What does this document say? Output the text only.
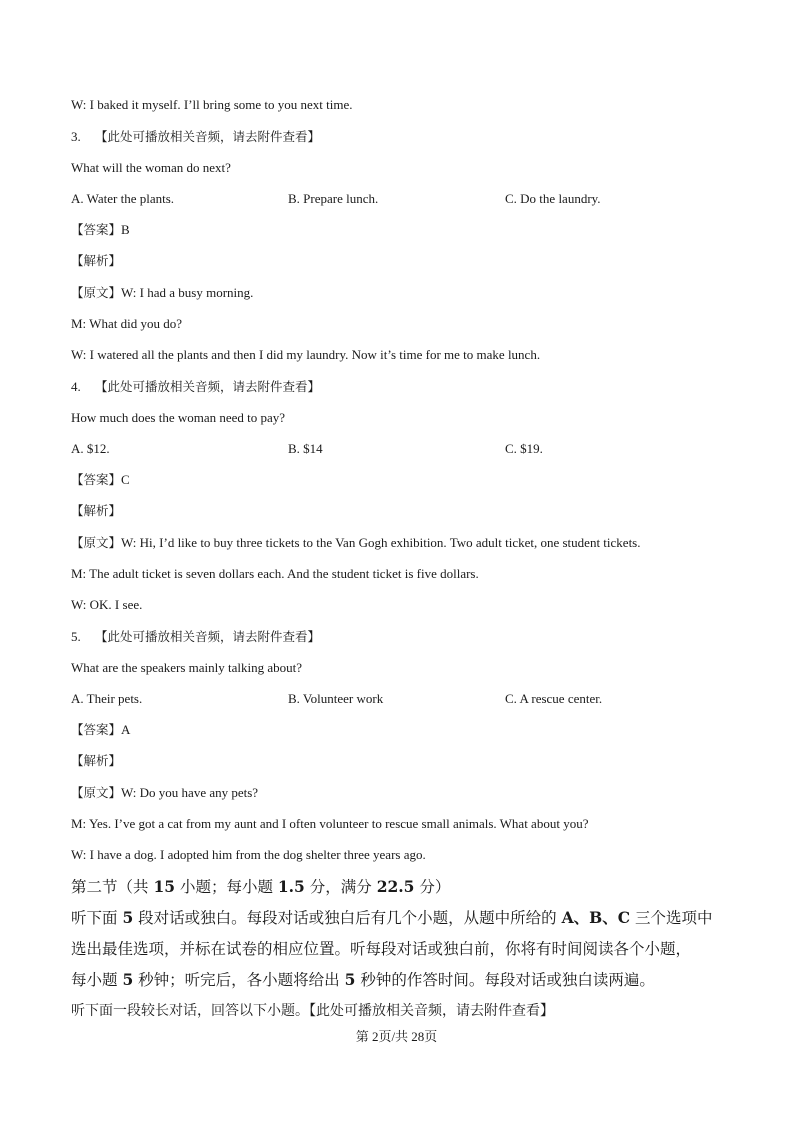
W: I baked it myself. I’ll bring some to you next time.
3. 【此处可播放相关音频，请去附件查看】
What will the woman do next?
A. Water the plants.	B. Prepare lunch.	C. Do the laundry.
【答案】B
【解析】
【原文】W: I had a busy morning.
M: What did you do?
W: I watered all the plants and then I did my laundry. Now it’s time for me to make lunch.
4. 【此处可播放相关音频，请去附件查看】
How much does the woman need to pay?
A. $12.	B. $14	C. $19.
【答案】C
【解析】
【原文】W: Hi, I’d like to buy three tickets to the Van Gogh exhibition. Two adult ticket, one student tickets.
M: The adult ticket is seven dollars each. And the student ticket is five dollars.
W: OK. I see.
5. 【此处可播放相关音频，请去附件查看】
What are the speakers mainly talking about?
A. Their pets.	B. Volunteer work	C. A rescue center.
【答案】A
【解析】
【原文】W: Do you have any pets?
M: Yes. I’ve got a cat from my aunt and I often volunteer to rescue small animals. What about you?
W: I have a dog. I adopted him from the dog shelter three years ago.
第二节（共 15 小题；每小题 1.5 分，满分 22.5 分）
听下面 5 段对话或独白。每段对话或独白后有几个小题，从题中所给的 A、B、C 三个选项中
选出最佳选项，并标在试卷的相应位置。听每段对话或独白前，你将有时间阅读各个小题，
每小题 5 秒钟；听完后，各小题将给出 5 秒钟的作答时间。每段对话或独白读两遍。
听下面一段较长对话，回答以下小题。【此处可播放相关音频，请去附件查看】
第 2页/共 28页
